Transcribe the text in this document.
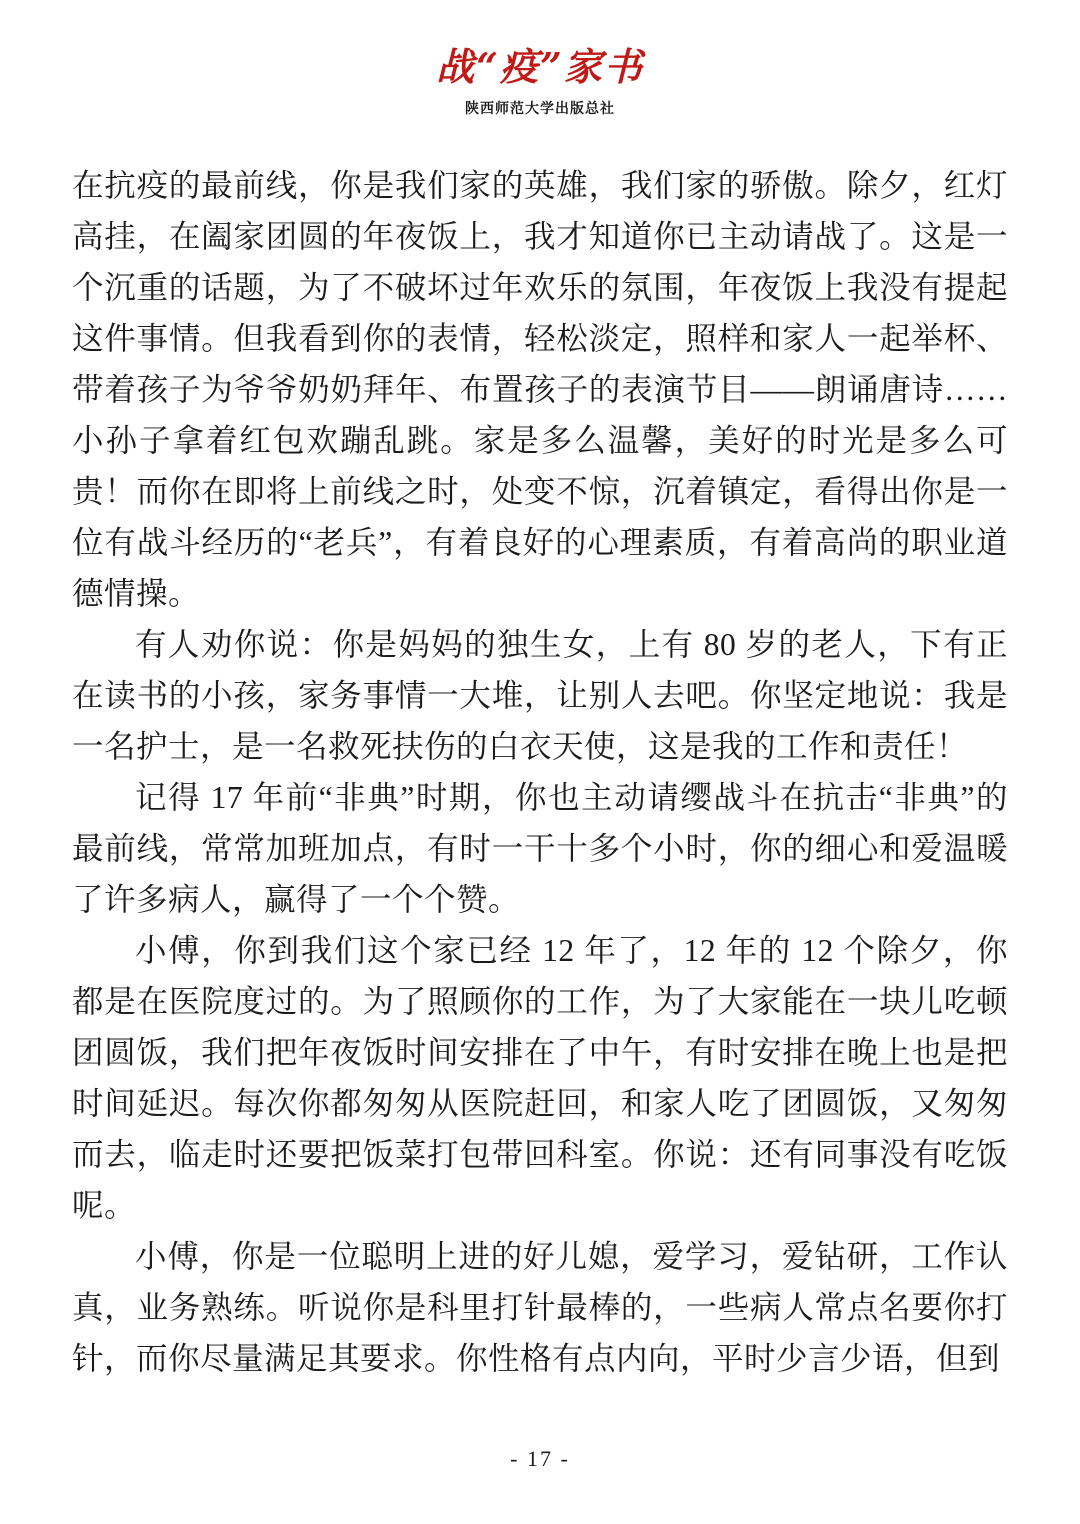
战“疫”家书
陕西师范大学出版总社

在抗疫的最前线，你是我们家的英雄，我们家的骄傲。除夕，红灯高挂，在阖家团圆的年夜饭上，我才知道你已主动请战了。这是一个沉重的话题，为了不破坏过年欢乐的氛围，年夜饭上我没有提起这件事情。但我看到你的表情，轻松淡定，照样和家人一起举杯、带着孩子为爷爷奶奶拜年、布置孩子的表演节目——朗诵唐诗……小孙子拿着红包欢蹦乱跳。家是多么温馨，美好的时光是多么可贵！而你在即将上前线之时，处变不惊，沉着镇定，看得出你是一位有战斗经历的“老兵”，有着良好的心理素质，有着高尚的职业道德情操。

有人劝你说：你是妈妈的独生女，上有 80 岁的老人，下有正在读书的小孩，家务事情一大堆，让别人去吧。你坚定地说：我是一名护士，是一名救死扶伤的白衣天使，这是我的工作和责任！

记得 17 年前“非典”时期，你也主动请缨战斗在抗击“非典”的最前线，常常加班加点，有时一干十多个小时，你的细心和爱温暖了许多病人，赢得了一个个赞。

小傅，你到我们这个家已经 12 年了，12 年的 12 个除夕，你都是在医院度过的。为了照顾你的工作，为了大家能在一块儿吃顿团圆饭，我们把年夜饭时间安排在了中午，有时安排在晚上也是把时间延迟。每次你都匆匆从医院赶回，和家人吃了团圆饭，又匆匆而去，临走时还要把饭菜打包带回科室。你说：还有同事没有吃饭呢。

小傅，你是一位聪明上进的好儿媳，爱学习，爱钻研，工作认真，业务熟练。听说你是科里打针最棒的，一些病人常点名要你打针，而你尽量满足其要求。你性格有点内向，平时少言少语，但到

- 17 -
